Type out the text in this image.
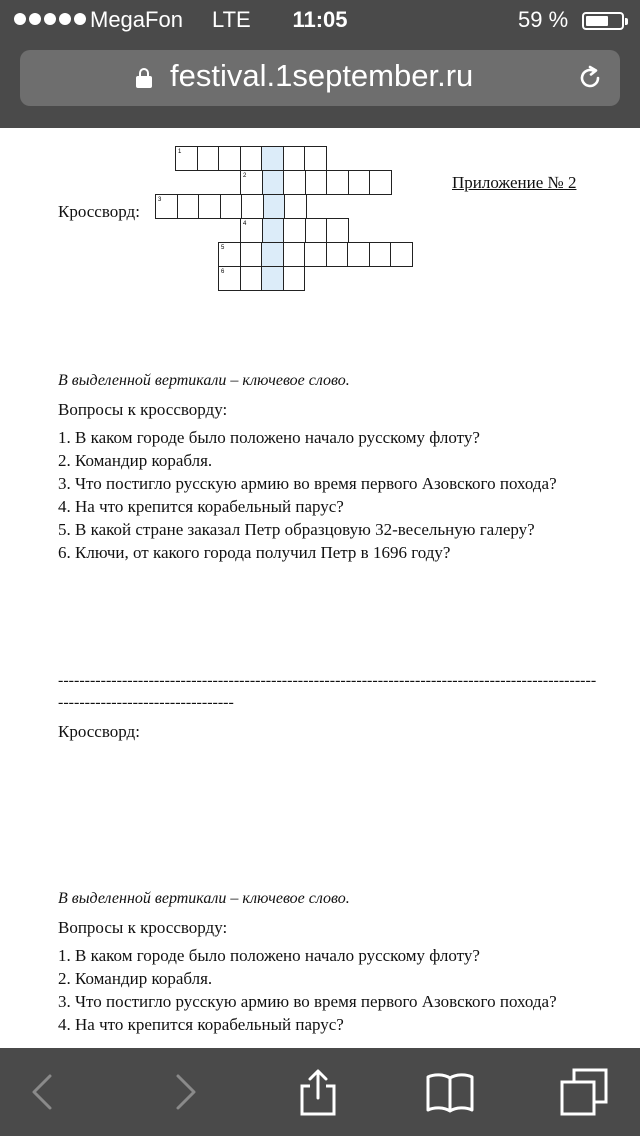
MegaFon LTE	11:05	59 %
festival.1september.ru
Кроссворд:
Приложение № 2
1
2
3
4
5
6
В выделенной вертикали – ключевое слово.
Вопросы к кроссворду:
1. В каком городе было положено начало русскому флоту?
2. Командир корабля.
3. Что постигло русскую армию во время первого Азовского похода?
4. На что крепится корабельный парус?
5. В какой стране заказал Петр образцовую 32-весельную галеру?
6. Ключи, от какого города получил Петр в 1696 году?
--------------------------------------------------------------------------------------------------------------------------------------
Кроссворд:
В выделенной вертикали – ключевое слово.
Вопросы к кроссворду:
1. В каком городе было положено начало русскому флоту?
2. Командир корабля.
3. Что постигло русскую армию во время первого Азовского похода?
4. На что крепится корабельный парус?
